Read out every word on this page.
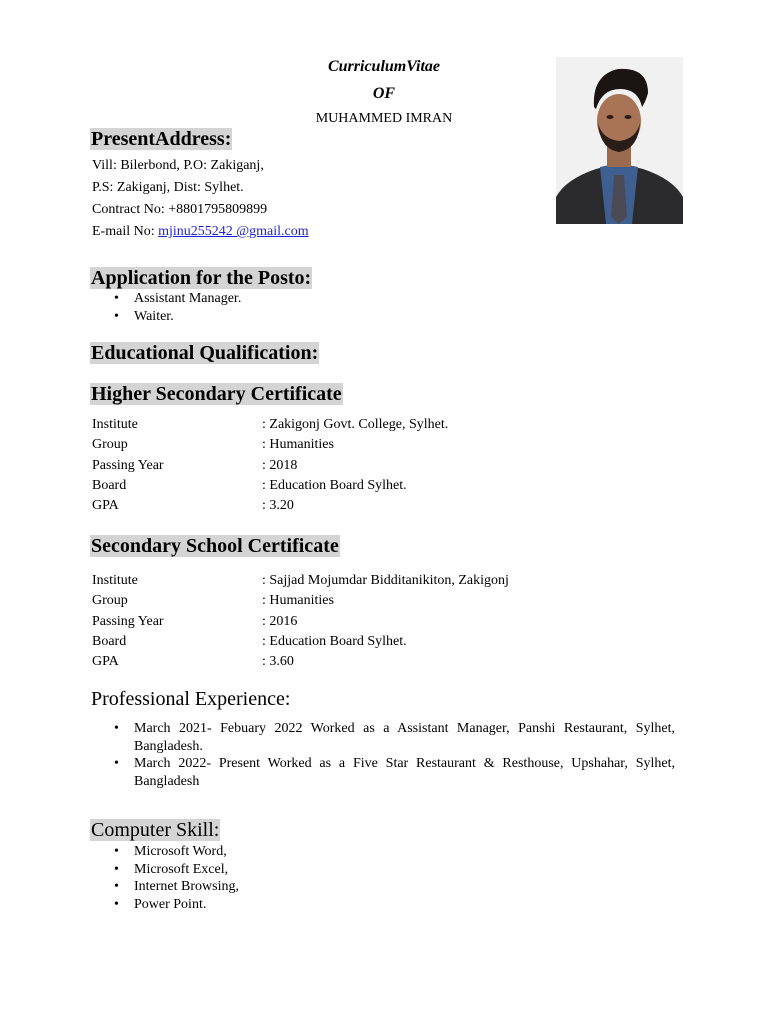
CurriculumVitae
OF
MUHAMMED IMRAN
PresentAddress:
Vill: Bilerbond, P.O: Zakiganj,
P.S: Zakiganj, Dist: Sylhet.
Contract No: +8801795809899
E-mail No: mjinu255242 @gmail.com
Application for the Posto:
• Assistant Manager.
• Waiter.
Educational Qualification:
Higher Secondary Certificate
Institute	: Zakigonj Govt. College, Sylhet.
Group	: Humanities
Passing Year	: 2018
Board	: Education Board Sylhet.
GPA	: 3.20
Secondary School Certificate
Institute	: Sajjad Mojumdar Bidditanikiton, Zakigonj
Group	: Humanities
Passing Year	: 2016
Board	: Education Board Sylhet.
GPA	: 3.60
Professional Experience:
• March 2021- Febuary 2022 Worked as a Assistant Manager, Panshi Restaurant, Sylhet, Bangladesh.
• March 2022- Present Worked as a Five Star Restaurant & Resthouse, Upshahar, Sylhet, Bangladesh
Computer Skill:
• Microsoft Word,
• Microsoft Excel,
• Internet Browsing,
• Power Point.
